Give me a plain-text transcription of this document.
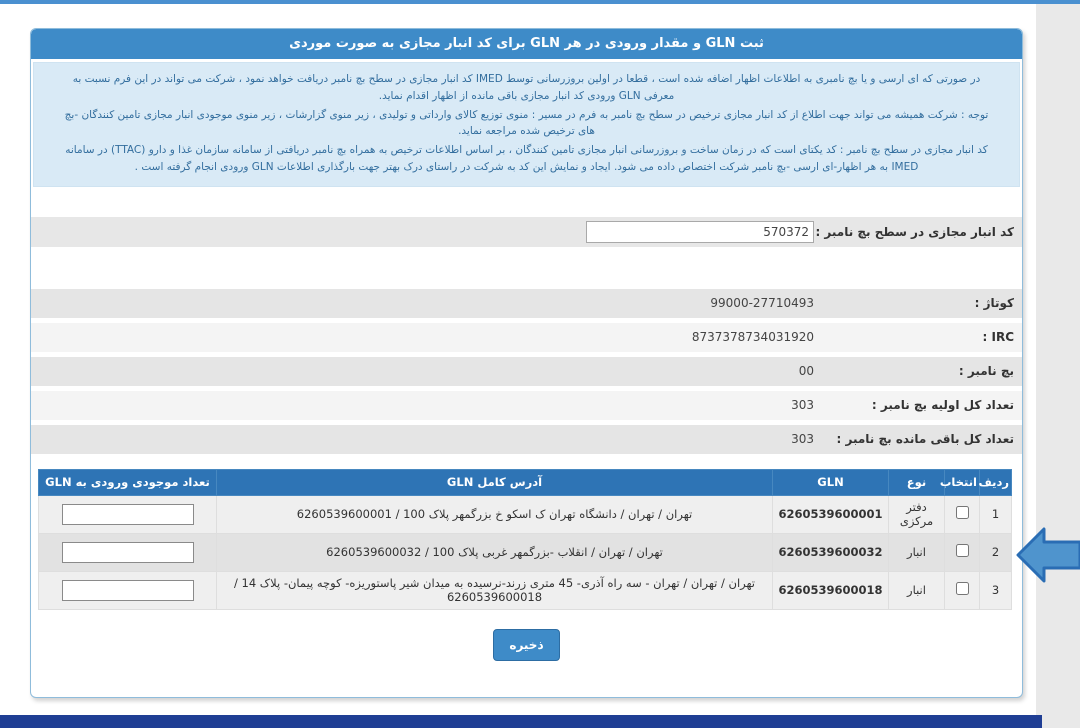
ثبت GLN و مقدار ورودی در هر GLN برای کد انبار مجازی به صورت موردی

در صورتی که ای ارسی و یا بچ نامبری به اطلاعات اظهار اضافه شده است ، قطعا در اولین بروزرسانی توسط IMED کد انبار مجازی در سطح بچ نامبر دریافت خواهد نمود ، شرکت می تواند در این فرم نسبت به معرفی GLN ورودی کد انبار مجازی باقی مانده از اظهار اقدام نماید.

توجه : شرکت همیشه می تواند جهت اطلاع از کد انبار مجازی ترخیص در سطح بچ نامبر به فرم در مسیر : منوی توزیع کالای وارداتی و تولیدی ، زیر منوی گزارشات ، زیر منوی موجودی انبار مجازی تامین کنندگان -بچ های ترخیص شده مراجعه نماید.

کد انبار مجازی در سطح بچ نامبر : کد یکتای است که در زمان ساخت و بروزرسانی انبار مجازی تامین کنندگان ، بر اساس اطلاعات ترخیص به همراه بچ نامبر دریافتی از سامانه سازمان غذا و دارو (TTAC) در سامانه IMED به هر اظهار-ای ارسی -بچ نامبر شرکت اختصاص داده می شود. ایجاد و نمایش این کد به شرکت در راستای درک بهتر جهت بارگذاری اطلاعات GLN ورودی انجام گرفته است .

کد انبار مجازی در سطح بچ نامبر :
570372
کوتاژ :
99000-27710493
IRC :
8737378734031920
بچ نامبر :
00
تعداد کل اولیه بچ نامبر :
303
تعداد کل باقی مانده بچ نامبر :
303
ردیف	انتخاب	نوع	GLN	آدرس کامل GLN	تعداد موجودی ورودی به GLN
1		دفتر مرکزی	6260539600001	تهران / تهران / دانشگاه تهران ک اسکو خ بزرگمهر پلاک 100 / 6260539600001	
2		انبار	6260539600032	تهران / تهران / انقلاب -بزرگمهر غربی پلاک 100 / 6260539600032	
3		انبار	6260539600018	تهران / تهران / تهران - سه راه آذری- 45 متری زرند-نرسیده به میدان شیر پاستوریزه- کوچه پیمان- پلاک 14 / 6260539600018	
ذخیره
